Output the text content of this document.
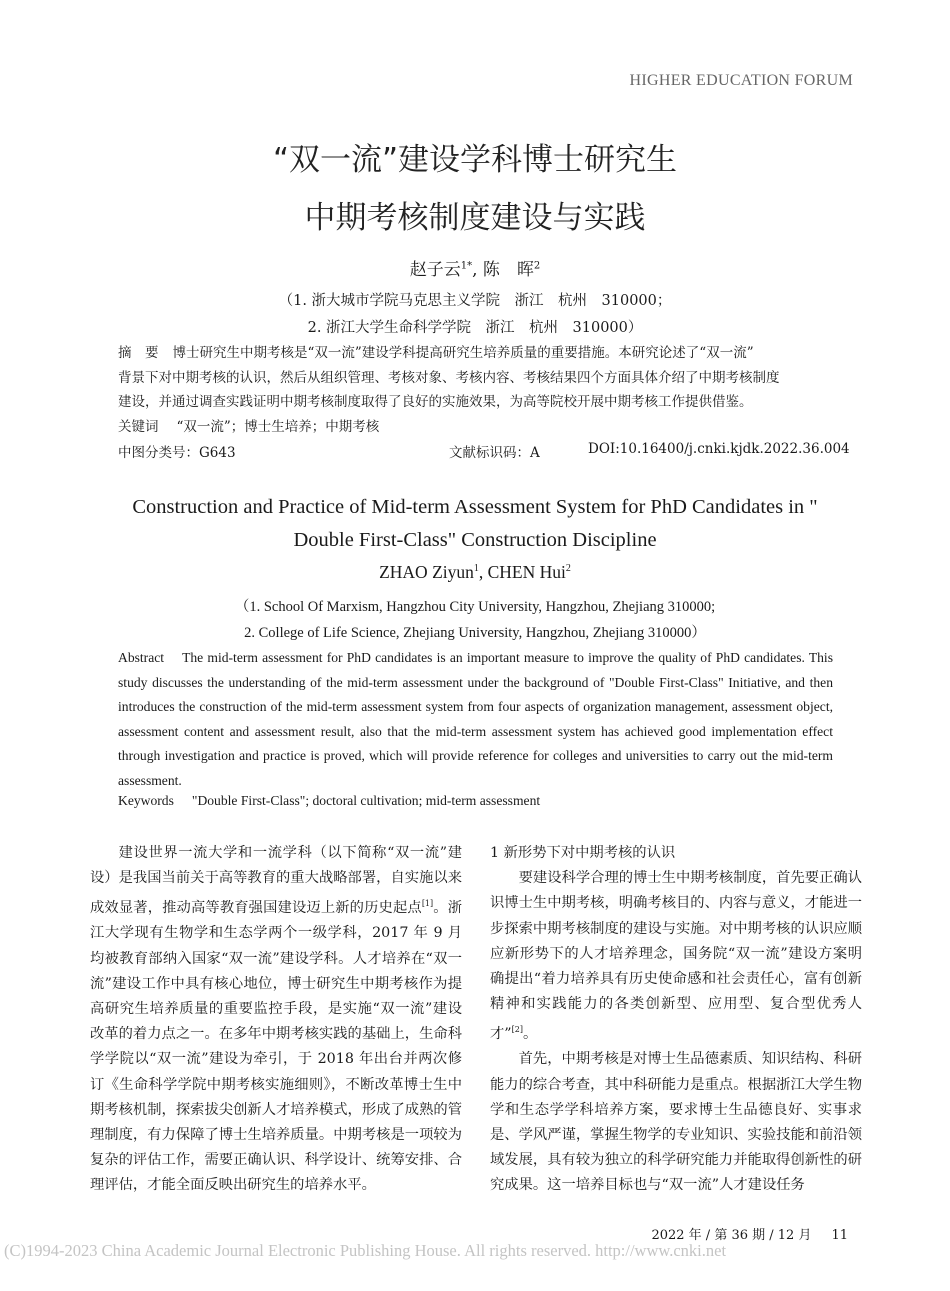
HIGHER EDUCATION FORUM
“双一流”建设学科博士研究生
中期考核制度建设与实践
赵子云$^{1*}$, 陈　晖$^2$
（1. 浙大城市学院马克思主义学院　浙江　杭州　310000；
2. 浙江大学生命科学学院　浙江　杭州　310000）
摘　要 博士研究生中期考核是“双一流”建设学科提高研究生培养质量的重要措施。本研究论述了“双一流”
背景下对中期考核的认识，然后从组织管理、考核对象、考核内容、考核结果四个方面具体介绍了中期考核制度
建设，并通过调查实践证明中期考核制度取得了良好的实施效果，为高等院校开展中期考核工作提供借鉴。
关键词 “双一流”；博士生培养；中期考核
中图分类号：G643	文献标识码：A	DOI:10.16400/j.cnki.kjdk.2022.36.004
Construction and Practice of Mid-term Assessment System for PhD Candidates in "
Double First-Class" Construction Discipline
ZHAO Ziyun$^1$, CHEN Hui$^2$
（1. School Of Marxism, Hangzhou City University, Hangzhou, Zhejiang 310000;
2. College of Life Science, Zhejiang University, Hangzhou, Zhejiang 310000）
Abstract The mid-term assessment for PhD candidates is an important measure to improve the quality of PhD candidates. This study discusses the understanding of the mid-term assessment under the background of "Double First-Class" Initiative, and then introduces the construction of the mid-term assessment system from four aspects of organization management, assessment object, assessment content and assessment result, also that the mid-term assessment system has achieved good implementation effect through investigation and practice is proved, which will provide reference for colleges and universities to carry out the mid-term assessment.
Keywords "Double First-Class"; doctoral cultivation; mid-term assessment

建设世界一流大学和一流学科（以下简称“双一流”建设）是我国当前关于高等教育的重大战略部署，自实施以来成效显著，推动高等教育强国建设迈上新的历史起点[1]。浙江大学现有生物学和生态学两个一级学科，2017 年 9 月均被教育部纳入国家“双一流”建设学科。人才培养在“双一流”建设工作中具有核心地位，博士研究生中期考核作为提高研究生培养质量的重要监控手段，是实施“双一流”建设改革的着力点之一。在多年中期考核实践的基础上，生命科学学院以“双一流”建设为牵引，于 2018 年出台并两次修订《生命科学学院中期考核实施细则》，不断改革博士生中期考核机制，探索拔尖创新人才培养模式，形成了成熟的管理制度，有力保障了博士生培养质量。中期考核是一项较为复杂的评估工作，需要正确认识、科学设计、统筹安排、合理评估，才能全面反映出研究生的培养水平。

1 新形势下对中期考核的认识

要建设科学合理的博士生中期考核制度，首先要正确认识博士生中期考核，明确考核目的、内容与意义，才能进一步探索中期考核制度的建设与实施。对中期考核的认识应顺应新形势下的人才培养理念，国务院“双一流”建设方案明确提出“着力培养具有历史使命感和社会责任心，富有创新精神和实践能力的各类创新型、应用型、复合型优秀人才”[2]。

首先，中期考核是对博士生品德素质、知识结构、科研能力的综合考查，其中科研能力是重点。根据浙江大学生物学和生态学学科培养方案，要求博士生品德良好、实事求是、学风严谨，掌握生物学的专业知识、实验技能和前沿领域发展，具有较为独立的科学研究能力并能取得创新性的研究成果。这一培养目标也与“双一流”人才建设任务

2022 年 / 第 36 期 / 12 月 11
(C)1994-2023 China Academic Journal Electronic Publishing House. All rights reserved. http://www.cnki.net
